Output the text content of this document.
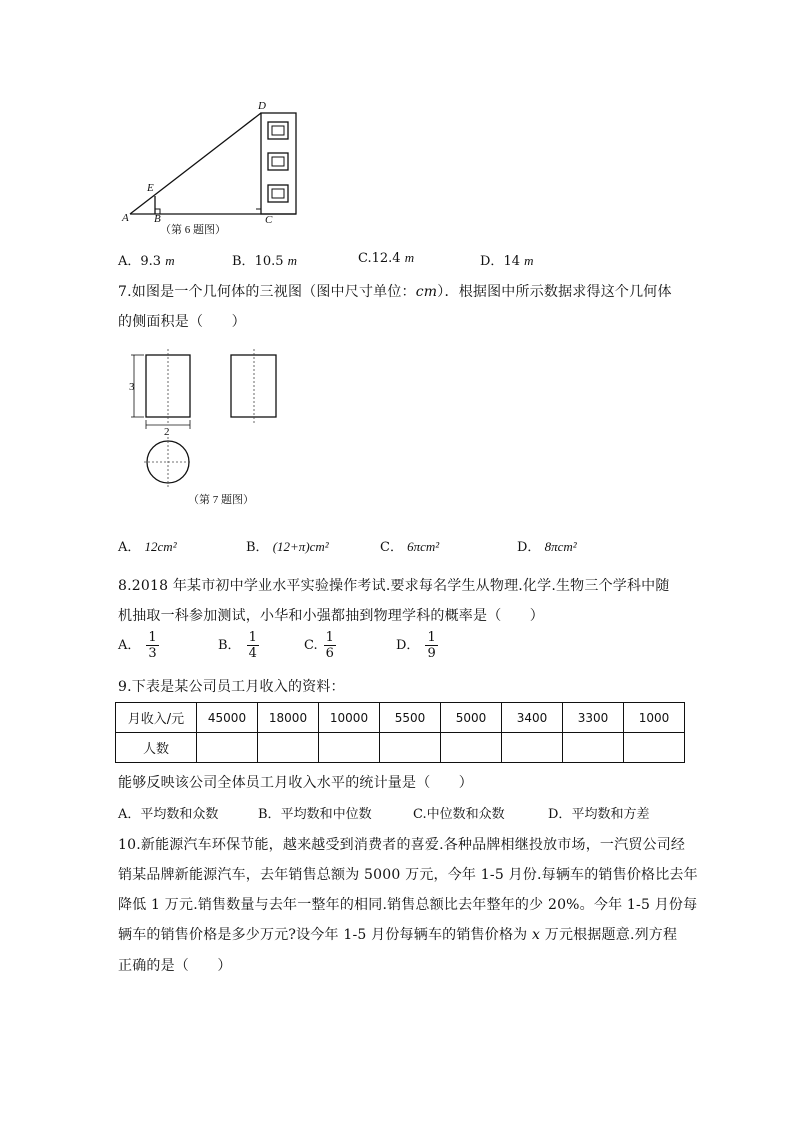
A B	C
D
E
（第 6 题图）
A．9.3 m	B．10.5 m	C.12.4 m	D．14 m
7.如图是一个几何体的三视图（图中尺寸单位：cm）．根据图中所示数据求得这个几何体
的侧面积是（　　）
3
2
（第 7 题图）
A． 12cm²	B． (12+π)cm²	C． 6πcm²	D． 8πcm²
8.2018 年某市初中学业水平实验操作考试.要求每名学生从物理.化学.生物三个学科中随
机抽取一科参加测试，小华和小强都抽到物理学科的概率是（　　）
A． $\frac{1}{3}$	B． $\frac{1}{4}$	C. $\frac{1}{6}$	D． $\frac{1}{9}$
9.下表是某公司员工月收入的资料：
月收入/元	45000	18000	10000	5500	5000	3400	3300	1000
人数								
能够反映该公司全体员工月收入水平的统计量是（　　）
A．平均数和众数	B．平均数和中位数	C.中位数和众数	D．平均数和方差
10.新能源汽车环保节能，越来越受到消费者的喜爱.各种品牌相继投放市场，一汽贸公司经
销某品牌新能源汽车，去年销售总额为 5000 万元，今年 1-5 月份.每辆车的销售价格比去年
降低 1 万元.销售数量与去年一整年的相同.销售总额比去年整年的少 20%。今年 1-5 月份每
辆车的销售价格是多少万元?设今年 1-5 月份每辆车的销售价格为 x 万元根据题意.列方程
正确的是（　　）
